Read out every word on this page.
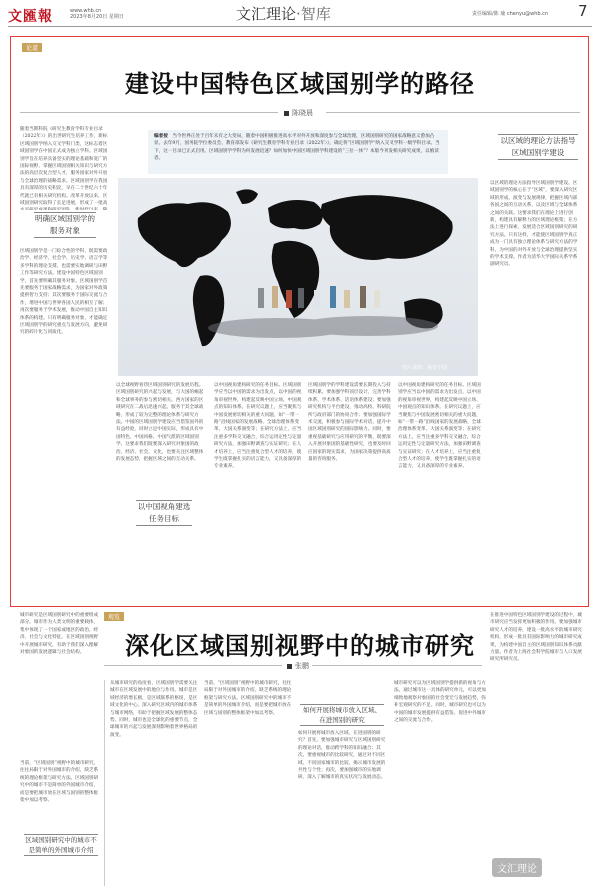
文匯報	www.whb.cn
2023年8月20日 星期日	文汇理论·智库	责任编辑/陈 瑜 chenyu@whb.cn 7
论道
建设中国特色区域国别学的路径
陈晓晨
随着当期科院《研究生教育学科专业目录（2022年）》的出世研究生培养工作，新标区域国别学纳入交叉学科门类，这标志着区域国别学在中国正式成为独立学科。区域国别学旨在培养具备坚实的理论基础和宽广的国际视野、掌握区域国别相关知识与研究方法的高层次复合型人才，服务国家对外开放与全球治理的战略需求。区域国别学在我国具有深厚的历史积淀，早在二十世纪六十年代就已有相关研究机构。改革开放以来，区域国别研究取得了长足进展，形成了一批高
明确区域国别学的服务对象
区域国别学是一门综合性的学科，既需要政治学、经济学、社会学、历史学、语言学等多学科的理论支撑，也需要实地调研与田野工作等研究方法。建设中国特色区域国别学，首先要明确其服务对象。区域国别学首先要服务于国家战略需求，为国家对外政策提供智力支持；其次要服务于国际交流与合作，增进中国与世界各国人民的相互了解；再次要服务于学术发展，推动中国自主知识体系的构建。只有明确服务对象，才能确定区域国别学的研究重点与发展方向，避免研究的碎片化与同质化。
编者按　 当今世界正处于百年未有之大变局，随着中国积极推进高水平对外开放和深度参与全球治理，区域国别研究的国家战略意义愈加凸显。去年9月，国务院学位委员会、教育部发布《研究生教育学科专业目录（2022年）》，确定将“区域国别学”纳入交叉学科一级学科目录。当下，这一目录已正式启用。区域国别学学科为何发展迅速？如何加快中国区域国别学科建设的“三位一体”？本版今刊发相关研究成果，以飨读者。
以区域的理论方法指导区域国别学建设
图片来源：视觉中国
以区域的理论方法指导区域国别学建设。区域国别学的核心在于“区域”，要深入研究区域的形成、演变与发展规律，把握区域内部各国之间的互动关系，以及区域与全球体系之间的关联。这要求我们在理论上进行创新，构建具有解释力的区域理论框架；在方法上进行探索，发展适合区域国别研究的研究方法。只有这样，才能使区域国别学真正成为一门具有独立理论体系与研究方法的学科，为中国的对外开放与全球治理提供坚实的学术支撑。作者为清华大学国际关系学系副研究员。
以全球视野看待区域国别研究的发展历程。区域国别研究的兴起与发展，与大国的崛起和全球事务的参与密切相关。西方国家的区域研究在二战后迅速兴起，服务于其全球战略，形成了较为完整的理论体系与研究方法。中国的区域国别学建设应当借鉴国外的有益经验，同时立足中国实际，形成具有中国特色、中国风格、中国气派的区域国别学。这要求我们既要深入研究对象国的政治、经济、社会、文化，也要关注区域整体的发展态势，把握区域之间的互动关系。
以中国视角建选任务目标
以中国视角建构研究的任务目标。区域国别学应当以中国的需求为出发点，以中国的视角审视世界，构建起反映中国立场、中国观点的知识体系。在研究议题上，应当聚焦与中国发展密切相关的重大问题，如“一带一路”沿线国家的发展战略、全球治理体系变革、大国关系演变等；在研究方法上，应当注重多学科交叉融合，综合运用定性与定量研究方法，加强田野调查与实证研究；在人才培养上，应当注重复合型人才的培养，使学生既掌握扎实的语言能力，又具备深厚的专业素养。
区域国别学的学科建设需要长期投入与持续积累。要加强学科顶层设计，完善学科体系、学术体系、话语体系建设；要加强研究机构与平台建设，推动高校、科研院所与政府部门的协同合作；要加强国际学术交流，积极参与国际学术对话，提升中国区域国别研究的国际影响力。同时，要重视基础研究与应用研究的平衡，既要深入开展对象国的基础性研究，也要及时回应国家的现实需求，为国家决策提供高质量的咨询服务。
以中国视角建构研究的任务目标。区域国别学应当以中国的需求为出发点，以中国的视角审视世界，构建起反映中国立场、中国观点的知识体系。在研究议题上，应当聚焦与中国发展密切相关的重大问题，如“一带一路”沿线国家的发展战略、全球治理体系变革、大国关系演变等；在研究方法上，应当注重多学科交叉融合，综合运用定性与定量研究方法，加强田野调查与实证研究；在人才培养上，应当注重复合型人才的培养，使学生既掌握扎实的语言能力，又具备深厚的专业素养。
观览
深化区域国别视野中的城市研究
张鹏
城市研究是区域国别研究中的重要组成部分。城市作为人类文明的重要载体，集中体现了一个国家或地区的政治、经济、社会与文化特征。在区域国别视野中开展城市研究，有助于我们深入理解对象国的发展逻辑与社会结构。
当前，“区域国别”视野中的城市研究，往往局限于对外国城市的介绍，缺乏系统的理论框架与研究方法。区域国别研究中的城市不是简单的外国城市介绍，而是要把城市放在区域与国别的整体框架中加以考察。
区域国别研究中的城市不是简单的外国城市介绍
从城市研究的角度看，区域国别学需要关注城市在区域发展中的地位与作用。城市是区域经济的增长极，是区域联系的枢纽，是区域文化的中心。深入研究区域内的城市体系与城市网络，有助于把握区域发展的整体态势。同时，城市也是全球化的重要节点，全球城市的兴起与发展深刻影响着世界格局的演变。
当前，“区域国别”视野中的城市研究，往往局限于对外国城市的介绍，缺乏系统的理论框架与研究方法。区域国别研究中的城市不是简单的外国城市介绍，而是要把城市放在区域与国别的整体框架中加以考察。	如何开展将城市放入区域、在进国别的研究
如何开展将城市放入区域、在进国别的研究？首先，要加强城市研究与区域国别研究的理论对话，推动跨学科的知识融合；其次，要重视城市的比较研究，通过对不同区域、不同国家城市的比较，揭示城市发展的共性与个性；再次，要加强城市的实地调研，深入了解城市的真实状况与发展动态。
城市研究可以为区域国别学提供新的视角与方法。通过城市这一具体的研究单元，可以更加细致地观察对象国的社会变迁与发展趋势，弥补宏观研究的不足。同时，城市研究也可以为中国的城市发展提供有益借鉴，促进中外城市之间的交流与合作。
在推进中国特色区域国别学建设的过程中，城市研究应当发挥更加积极的作用。要加强城市研究人才的培养，建设一批高水平的城市研究机构，形成一批具有国际影响力的城市研究成果，为构建中国自主的区域国别知识体系贡献力量。作者为上海社会科学院城市与人口发展研究所研究员。
文汇理论
